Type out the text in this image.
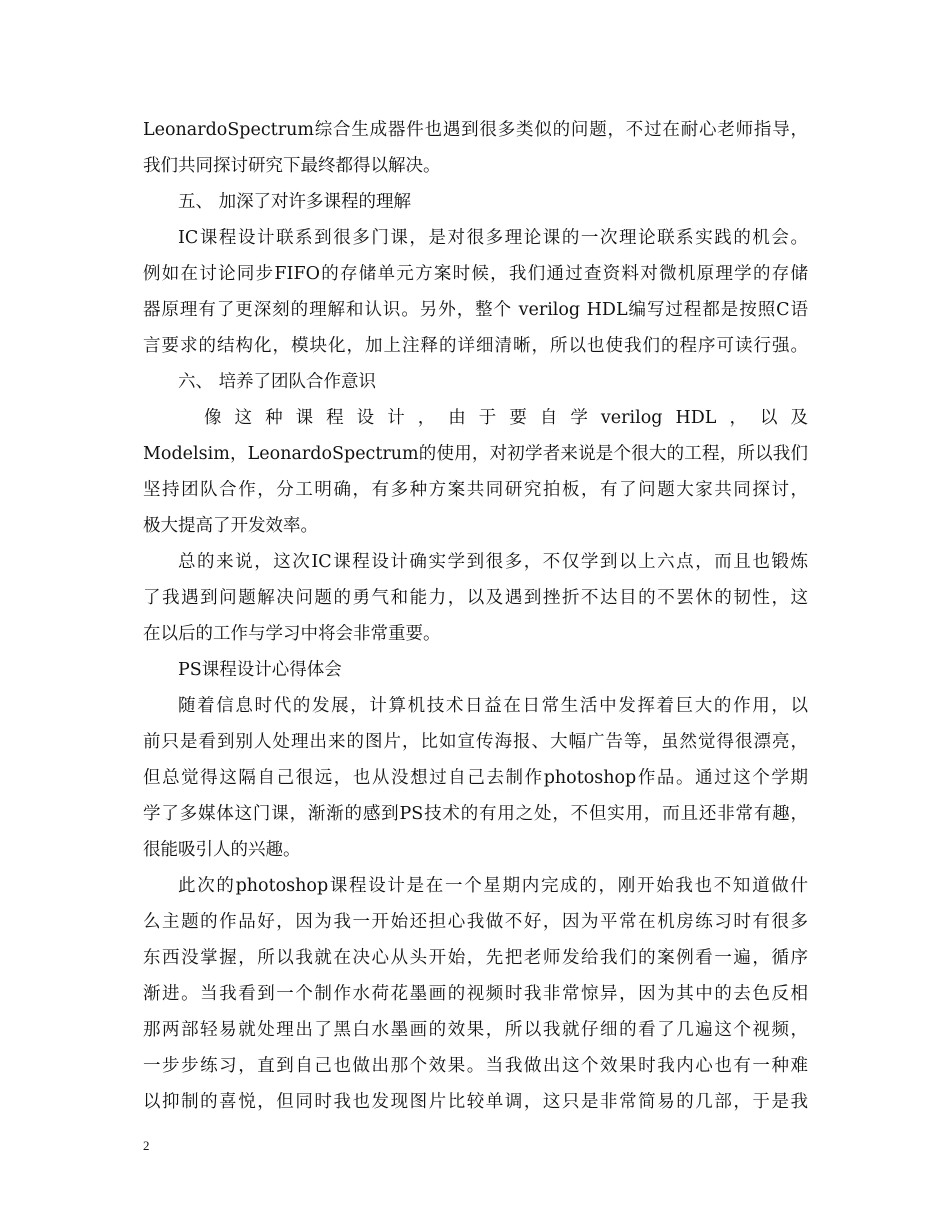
LeonardoSpectrum综合生成器件也遇到很多类似的问题，不过在耐心老师指导，
我们共同探讨研究下最终都得以解决。
五、 加深了对许多课程的理解
IC课程设计联系到很多门课，是对很多理论课的一次理论联系实践的机会。
例如在讨论同步FIFO的存储单元方案时候，我们通过查资料对微机原理学的存储
器原理有了更深刻的理解和认识。另外，整个 verilog HDL编写过程都是按照C语
言要求的结构化，模块化，加上注释的详细清晰，所以也使我们的程序可读行强。
六、 培养了团队合作意识
像 这 种 课 程 设 计 ， 由 于 要 自 学 verilog HDL ， 以 及
Modelsim，LeonardoSpectrum的使用，对初学者来说是个很大的工程，所以我们
坚持团队合作，分工明确，有多种方案共同研究拍板，有了问题大家共同探讨，
极大提高了开发效率。
总的来说，这次IC课程设计确实学到很多，不仅学到以上六点，而且也锻炼
了我遇到问题解决问题的勇气和能力，以及遇到挫折不达目的不罢休的韧性，这
在以后的工作与学习中将会非常重要。
PS课程设计心得体会
随着信息时代的发展，计算机技术日益在日常生活中发挥着巨大的作用，以
前只是看到别人处理出来的图片，比如宣传海报、大幅广告等，虽然觉得很漂亮，
但总觉得这隔自己很远，也从没想过自己去制作photoshop作品。通过这个学期
学了多媒体这门课，渐渐的感到PS技术的有用之处，不但实用，而且还非常有趣，
很能吸引人的兴趣。
此次的photoshop课程设计是在一个星期内完成的，刚开始我也不知道做什
么主题的作品好，因为我一开始还担心我做不好，因为平常在机房练习时有很多
东西没掌握，所以我就在决心从头开始，先把老师发给我们的案例看一遍，循序
渐进。当我看到一个制作水荷花墨画的视频时我非常惊异，因为其中的去色反相
那两部轻易就处理出了黑白水墨画的效果，所以我就仔细的看了几遍这个视频，
一步步练习，直到自己也做出那个效果。当我做出这个效果时我内心也有一种难
以抑制的喜悦，但同时我也发现图片比较单调，这只是非常简易的几部，于是我
2
